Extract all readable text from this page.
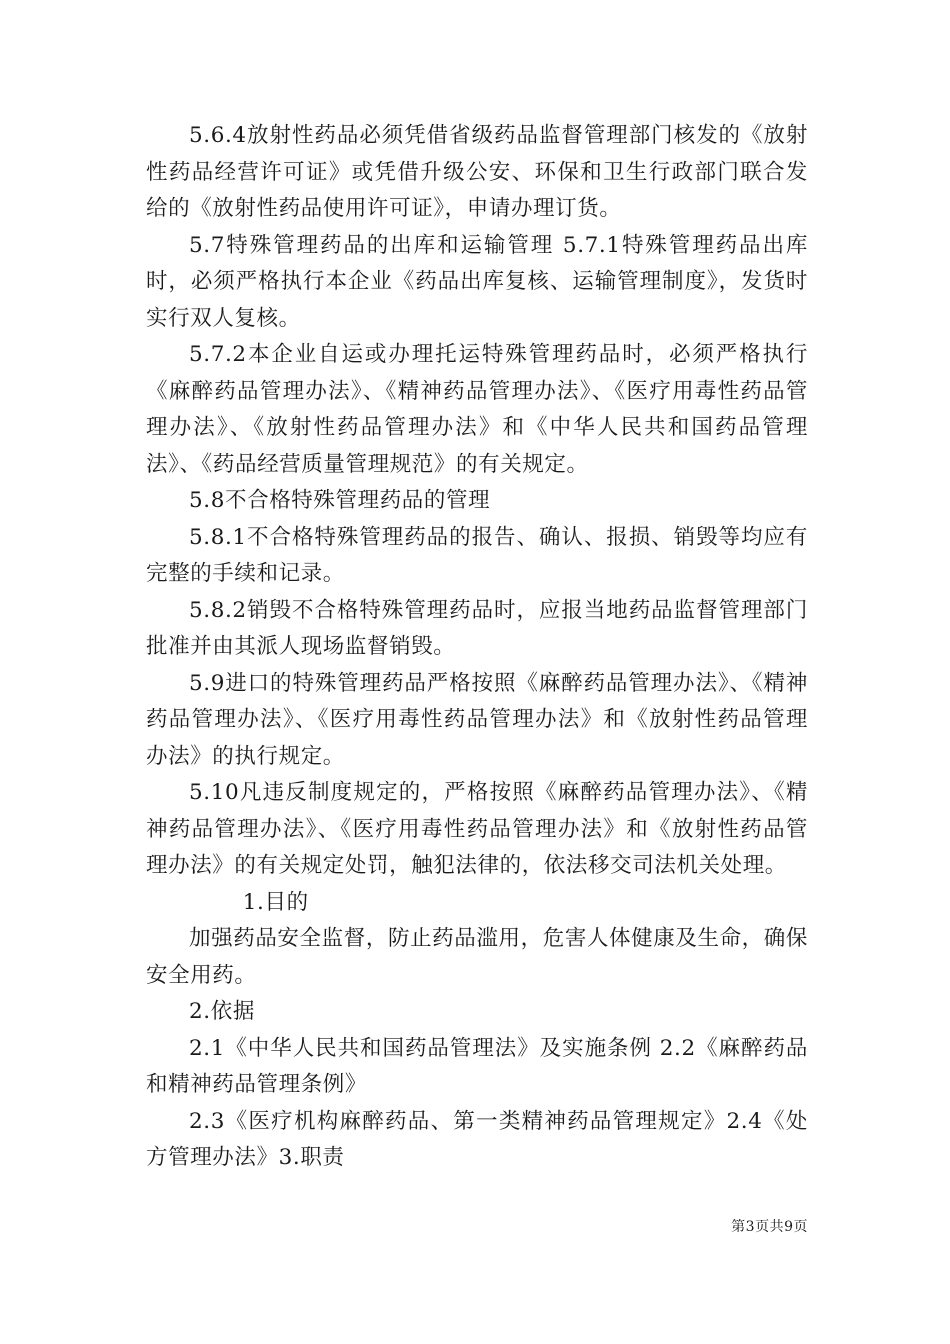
5.6.4放射性药品必须凭借省级药品监督管理部门核发的《放射性药品经营许可证》或凭借升级公安、环保和卫生行政部门联合发给的《放射性药品使用许可证》，申请办理订货。

5.7特殊管理药品的出库和运输管理 5.7.1特殊管理药品出库时，必须严格执行本企业《药品出库复核、运输管理制度》，发货时实行双人复核。

5.7.2本企业自运或办理托运特殊管理药品时，必须严格执行《麻醉药品管理办法》、《精神药品管理办法》、《医疗用毒性药品管理办法》、《放射性药品管理办法》和《中华人民共和国药品管理法》、《药品经营质量管理规范》的有关规定。

5.8不合格特殊管理药品的管理

5.8.1不合格特殊管理药品的报告、确认、报损、销毁等均应有完整的手续和记录。

5.8.2销毁不合格特殊管理药品时，应报当地药品监督管理部门批准并由其派人现场监督销毁。

5.9进口的特殊管理药品严格按照《麻醉药品管理办法》、《精神药品管理办法》、《医疗用毒性药品管理办法》和《放射性药品管理办法》的执行规定。

5.10凡违反制度规定的，严格按照《麻醉药品管理办法》、《精神药品管理办法》、《医疗用毒性药品管理办法》和《放射性药品管理办法》的有关规定处罚，触犯法律的，依法移交司法机关处理。

1.目的

加强药品安全监督，防止药品滥用，危害人体健康及生命，确保安全用药。

2.依据

2.1《中华人民共和国药品管理法》及实施条例 2.2《麻醉药品和精神药品管理条例》

2.3《医疗机构麻醉药品、第一类精神药品管理规定》2.4《处方管理办法》3.职责

第3页共9页
